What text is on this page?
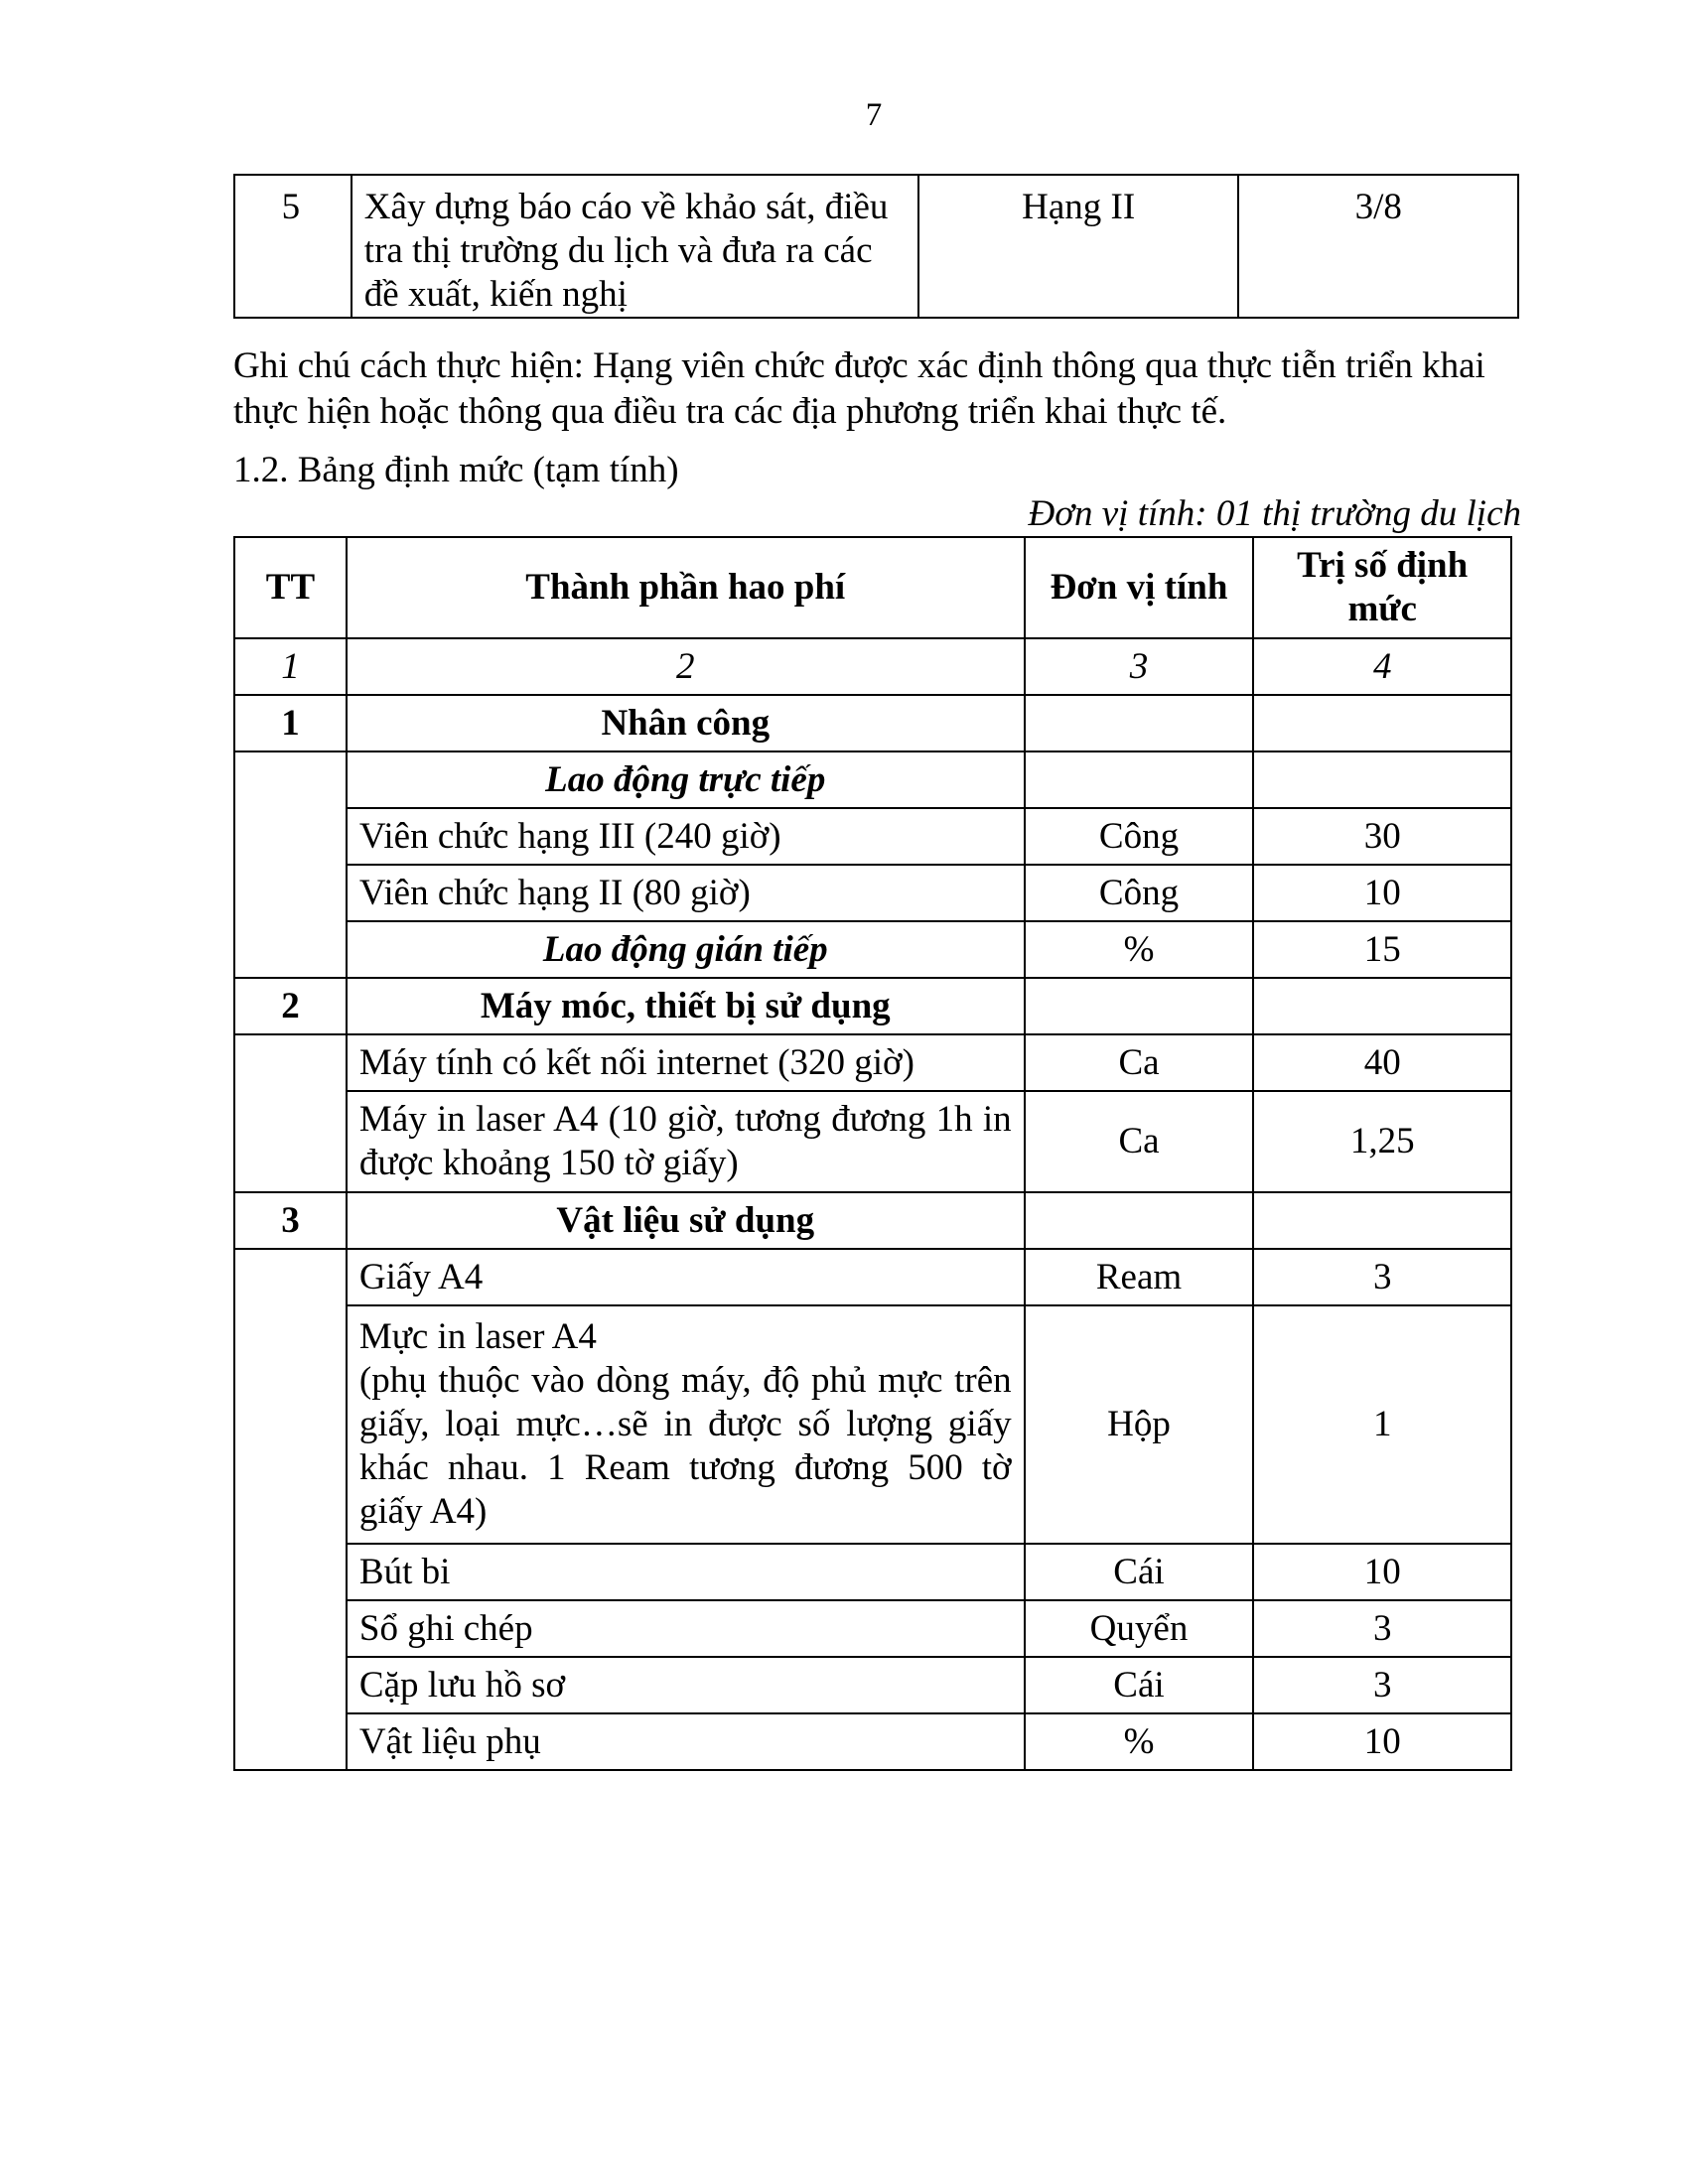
7
5	Xây dựng báo cáo về khảo sát, điều tra thị trường du lịch và đưa ra các đề xuất, kiến nghị	Hạng II	3/8
Ghi chú cách thực hiện: Hạng viên chức được xác định thông qua thực tiễn triển khai thực hiện hoặc thông qua điều tra các địa phương triển khai thực tế.
1.2. Bảng định mức (tạm tính)
Đơn vị tính: 01 thị trường du lịch
TT	Thành phần hao phí	Đơn vị tính	Trị số định mức
1	2	3	4
1	Nhân công		
	Lao động trực tiếp		
	Viên chức hạng III (240 giờ)	Công	30
	Viên chức hạng II (80 giờ)	Công	10
	Lao động gián tiếp	%	15
2	Máy móc, thiết bị sử dụng		
	Máy tính có kết nối internet (320 giờ)	Ca	40
	Máy in laser A4 (10 giờ, tương đương 1h in được khoảng 150 tờ giấy)	Ca	1,25
3	Vật liệu sử dụng		
	Giấy A4	Ream	3

	Mực in laser A4
(phụ thuộc vào dòng máy, độ phủ mực trên giấy, loại mực…sẽ in được số lượng giấy khác nhau. 1 Ream tương đương 500 tờ giấy A4)	Hộp	1
	Bút bi	Cái	10
	Sổ ghi chép	Quyển	3
	Cặp lưu hồ sơ	Cái	3
	Vật liệu phụ	%	10
